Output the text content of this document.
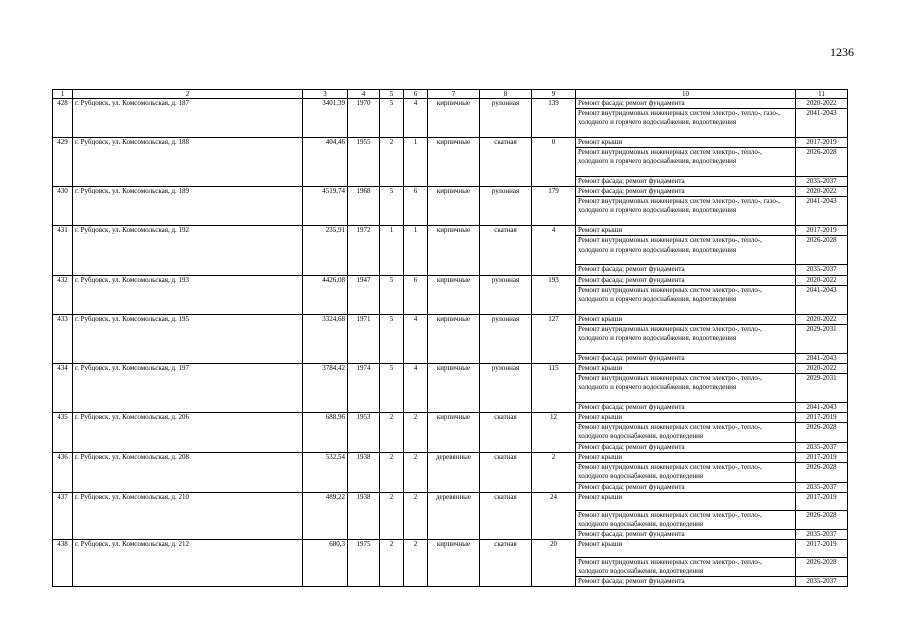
1236
1	2	3	4	5	6	7	8	9	10	11
428	г. Рубцовск, ул. Комсомольская, д. 187	3401,39	1970	5	4	кирпичные	рулонная	139	Ремонт фасада; ремонт фундамента	2020-2022
									Ремонт внутридомовых инженерных систем электро-, тепло-, газо-, холодного и горячего водоснабжения, водоотведения	2041-2043
429	г. Рубцовск, ул. Комсомольская, д. 188	404,46	1955	2	1	кирпичные	скатная	0	Ремонт крыши	2017-2019
									Ремонт внутридомовых инженерных систем электро-, тепло-, холодного и горячего водоснабжения, водоотведения	2026-2028
									Ремонт фасада; ремонт фундамента	2035-2037
430	г. Рубцовск, ул. Комсомольская, д. 189	4519,74	1968	5	6	кирпичные	рулонная	179	Ремонт фасада; ремонт фундамента	2020-2022
									Ремонт внутридомовых инженерных систем электро-, тепло-, газо-, холодного и горячего водоснабжения, водоотведения	2041-2043
431	г. Рубцовск, ул. Комсомольская, д. 192	235,91	1972	1	1	кирпичные	скатная	4	Ремонт крыши	2017-2019
									Ремонт внутридомовых инженерных систем электро-, тепло-, холодного и горячего водоснабжения, водоотведения	2026-2028
									Ремонт фасада; ремонт фундамента	2035-2037
432	г. Рубцовск, ул. Комсомольская, д. 193	4426,08	1947	5	6	кирпичные	рулонная	193	Ремонт фасада; ремонт фундамента	2020-2022
									Ремонт внутридомовых инженерных систем электро-, тепло-, холодного и горячего водоснабжения, водоотведения	2041-2043
433	г. Рубцовск, ул. Комсомольская, д. 195	3324,68	1971	5	4	кирпичные	рулонная	127	Ремонт крыши	2020-2022
									Ремонт внутридомовых инженерных систем электро-, тепло-, холодного и горячего водоснабжения, водоотведения	2029-2031
									Ремонт фасада; ремонт фундамента	2041-2043
434	г. Рубцовск, ул. Комсомольская, д. 197	3784,42	1974	5	4	кирпичные	рулонная	115	Ремонт крыши	2020-2022
									Ремонт внутридомовых инженерных систем электро-, тепло-, холодного и горячего водоснабжения, водоотведения	2029-2031
									Ремонт фасада; ремонт фундамента	2041-2043
435	г. Рубцовск, ул. Комсомольская, д. 206	688,96	1953	2	2	кирпичные	скатная	12	Ремонт крыши	2017-2019
									Ремонт внутридомовых инженерных систем электро-, тепло-, холодного водоснабжения, водоотведения	2026-2028
									Ремонт фасада; ремонт фундамента	2035-2037
436	г. Рубцовск, ул. Комсомольская, д. 208	532,54	1938	2	2	деревянные	скатная	2	Ремонт крыши	2017-2019
									Ремонт внутридомовых инженерных систем электро-, тепло-, холодного водоснабжения, водоотведения	2026-2028
									Ремонт фасада; ремонт фундамента	2035-2037
437	г. Рубцовск, ул. Комсомольская, д. 210	489,22	1938	2	2	деревянные	скатная	24	Ремонт крыши	2017-2019
									Ремонт внутридомовых инженерных систем электро-, тепло-, холодного водоснабжения, водоотведения	2026-2028
									Ремонт фасада; ремонт фундамента	2035-2037
438	г. Рубцовск, ул. Комсомольская, д. 212	680,3	1975	2	2	кирпичные	скатная	20	Ремонт крыши	2017-2019
									Ремонт внутридомовых инженерных систем электро-, тепло-, холодного водоснабжения, водоотведения	2026-2028
									Ремонт фасада; ремонт фундамента	2035-2037
